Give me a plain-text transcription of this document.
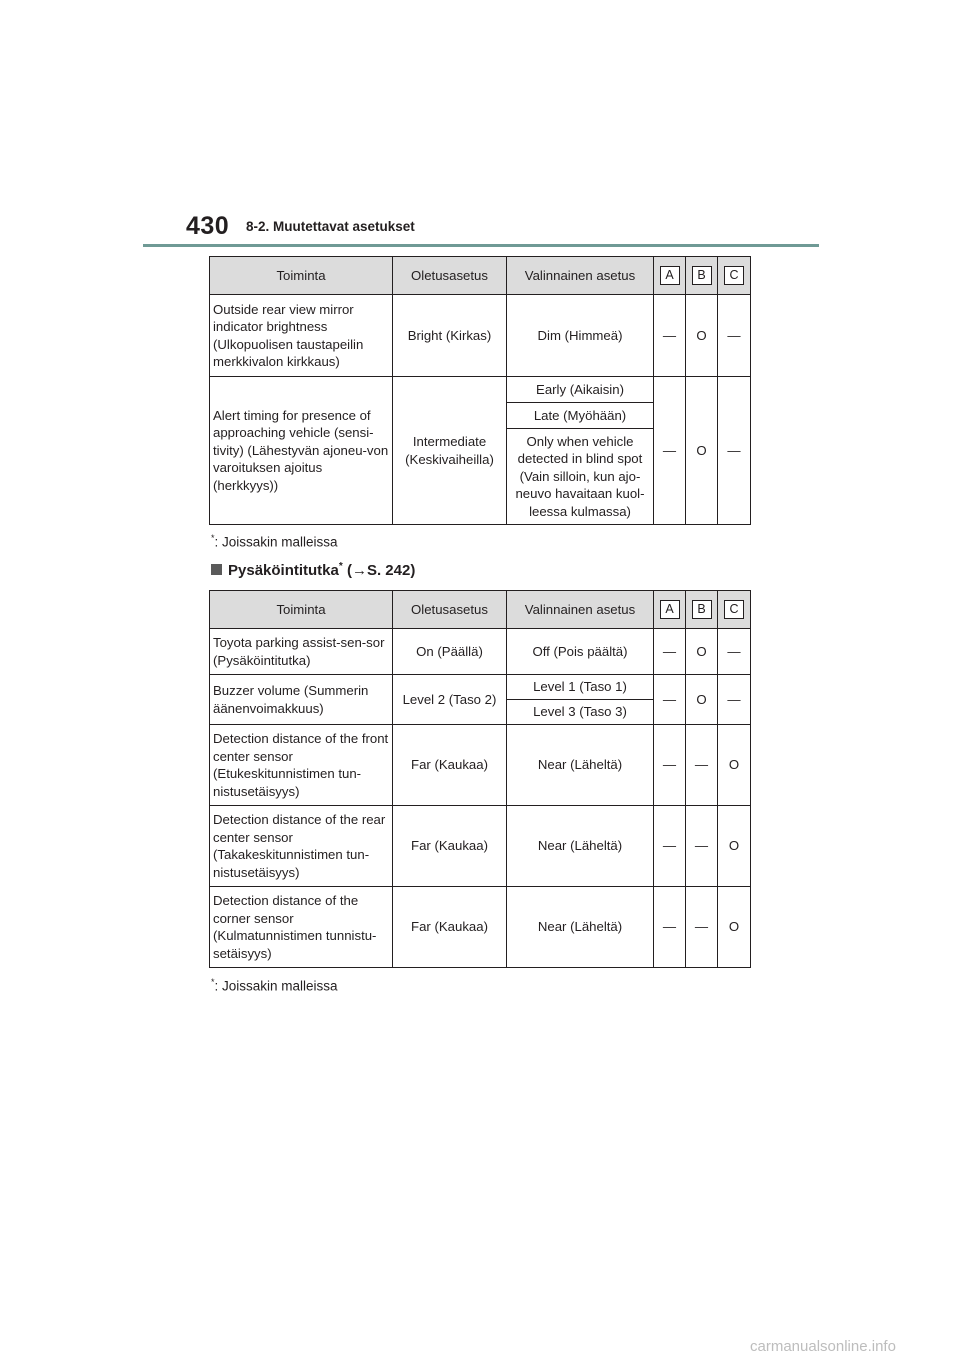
430 8-2. Muutettavat asetukset
Toiminta	Oletusasetus	Valinnainen asetus	A	B	C
Outside rear view mirror indicator brightness (Ulkopuolisen taustapeilin merkkivalon kirkkaus)	Bright (Kirkas)	Dim (Himmeä)	—	O	—
Alert timing for presence of approaching vehicle (sensi-tivity) (Lähestyvän ajoneu-von varoituksen ajoitus (herkkyys))	Intermediate (Keskivaiheilla)	Early (Aikaisin)	—	O	—
		Late (Myöhään)			
		Only when vehicle detected in blind spot (Vain silloin, kun ajo-neuvo havaitaan kuol-leessa kulmassa)			
*: Joissakin malleissa
Pysäköintitutka* (→S. 242)
Toiminta	Oletusasetus	Valinnainen asetus	A	B	C
Toyota parking assist-sen-sor (Pysäköintitutka)	On (Päällä)	Off (Pois päältä)	—	O	—
Buzzer volume (Summerin äänenvoimakkuus)	Level 2 (Taso 2)	Level 1 (Taso 1)	—	O	—
		Level 3 (Taso 3)			
Detection distance of the front center sensor (Etukeskitunnistimen tun-nistusetäisyys)	Far (Kaukaa)	Near (Läheltä)	—	—	O
Detection distance of the rear center sensor (Takakeskitunnistimen tun-nistusetäisyys)	Far (Kaukaa)	Near (Läheltä)	—	—	O
Detection distance of the corner sensor (Kulmatunnistimen tunnistu-setäisyys)	Far (Kaukaa)	Near (Läheltä)	—	—	O
*: Joissakin malleissa
carmanualsonline.info
